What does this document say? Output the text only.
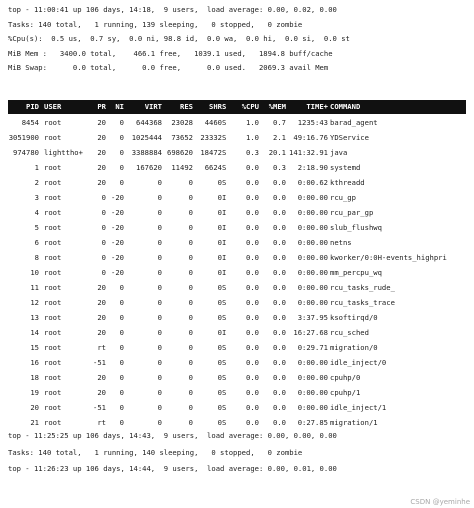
top - 11:00:41 up 106 days, 14:18,  9 users,  load average: 0.00, 0.02, 0.00
Tasks: 140 total,   1 running, 139 sleeping,   0 stopped,   0 zombie
%Cpu(s):  0.5 us,  0.7 sy,  0.0 ni, 98.8 id,  0.0 wa,  0.0 hi,  0.0 si,  0.0 st
MiB Mem :   3400.0 total,    466.1 free,   1039.1 used,   1894.8 buff/cache
MiB Swap:      0.0 total,      0.0 free,      0.0 used.   2069.3 avail Mem
PID USER	PR	NI	VIRT	RES	SHR S	%CPU	%MEM	TIME+ COMMAND
8454 root	20	0	644368	23028	4460 S	1.0	0.7	1235:43 barad_agent
3051900 root	20	0	1025444	73652	23332 S	1.0	2.1	49:16.76 YDService
974780 lighttho+	20	0	3388884 698620	18472 S	0.3	20.1 141:32.91 java
1 root	20	0	167620	11492	6624 S	0.0	0.3	2:18.90 systemd
2 root	20	0	0	0	0 S	0.0	0.0	0:00.62 kthreadd
3 root	0 -20	0	0	0 I	0.0	0.0	0:00.00 rcu_gp
4 root	0 -20	0	0	0 I	0.0	0.0	0:00.00 rcu_par_gp
5 root	0 -20	0	0	0 I	0.0	0.0	0:00.00 slub_flushwq
6 root	0 -20	0	0	0 I	0.0	0.0	0:00.00 netns
8 root	0 -20	0	0	0 I	0.0	0.0	0:00.00 kworker/0:0H-events_highpri
10 root	0 -20	0	0	0 I	0.0	0.0	0:00.00 mm_percpu_wq
11 root	20	0	0	0	0 S	0.0	0.0	0:00.00 rcu_tasks_rude_
12 root	20	0	0	0	0 S	0.0	0.0	0:00.00 rcu_tasks_trace
13 root	20	0	0	0	0 S	0.0	0.0	3:37.95 ksoftirqd/0
14 root	20	0	0	0	0 I	0.0	0.0	16:27.68 rcu_sched
15 root	rt	0	0	0	0 S	0.0	0.0	0:29.71 migration/0
16 root	-51	0	0	0	0 S	0.0	0.0	0:00.00 idle_inject/0
18 root	20	0	0	0	0 S	0.0	0.0	0:00.00 cpuhp/0
19 root	20	0	0	0	0 S	0.0	0.0	0:00.00 cpuhp/1
20 root	-51	0	0	0	0 S	0.0	0.0	0:00.00 idle_inject/1
21 root	rt	0	0	0	0 S	0.0	0.0	0:27.85 migration/1
top - 11:25:25 up 106 days, 14:43,  9 users,  load average: 0.00, 0.00, 0.00
Tasks: 140 total,   1 running, 140 sleeping,   0 stopped,   0 zombie
top - 11:26:23 up 106 days, 14:44,  9 users,  load average: 0.00, 0.01, 0.00
CSDN @yeminhe
